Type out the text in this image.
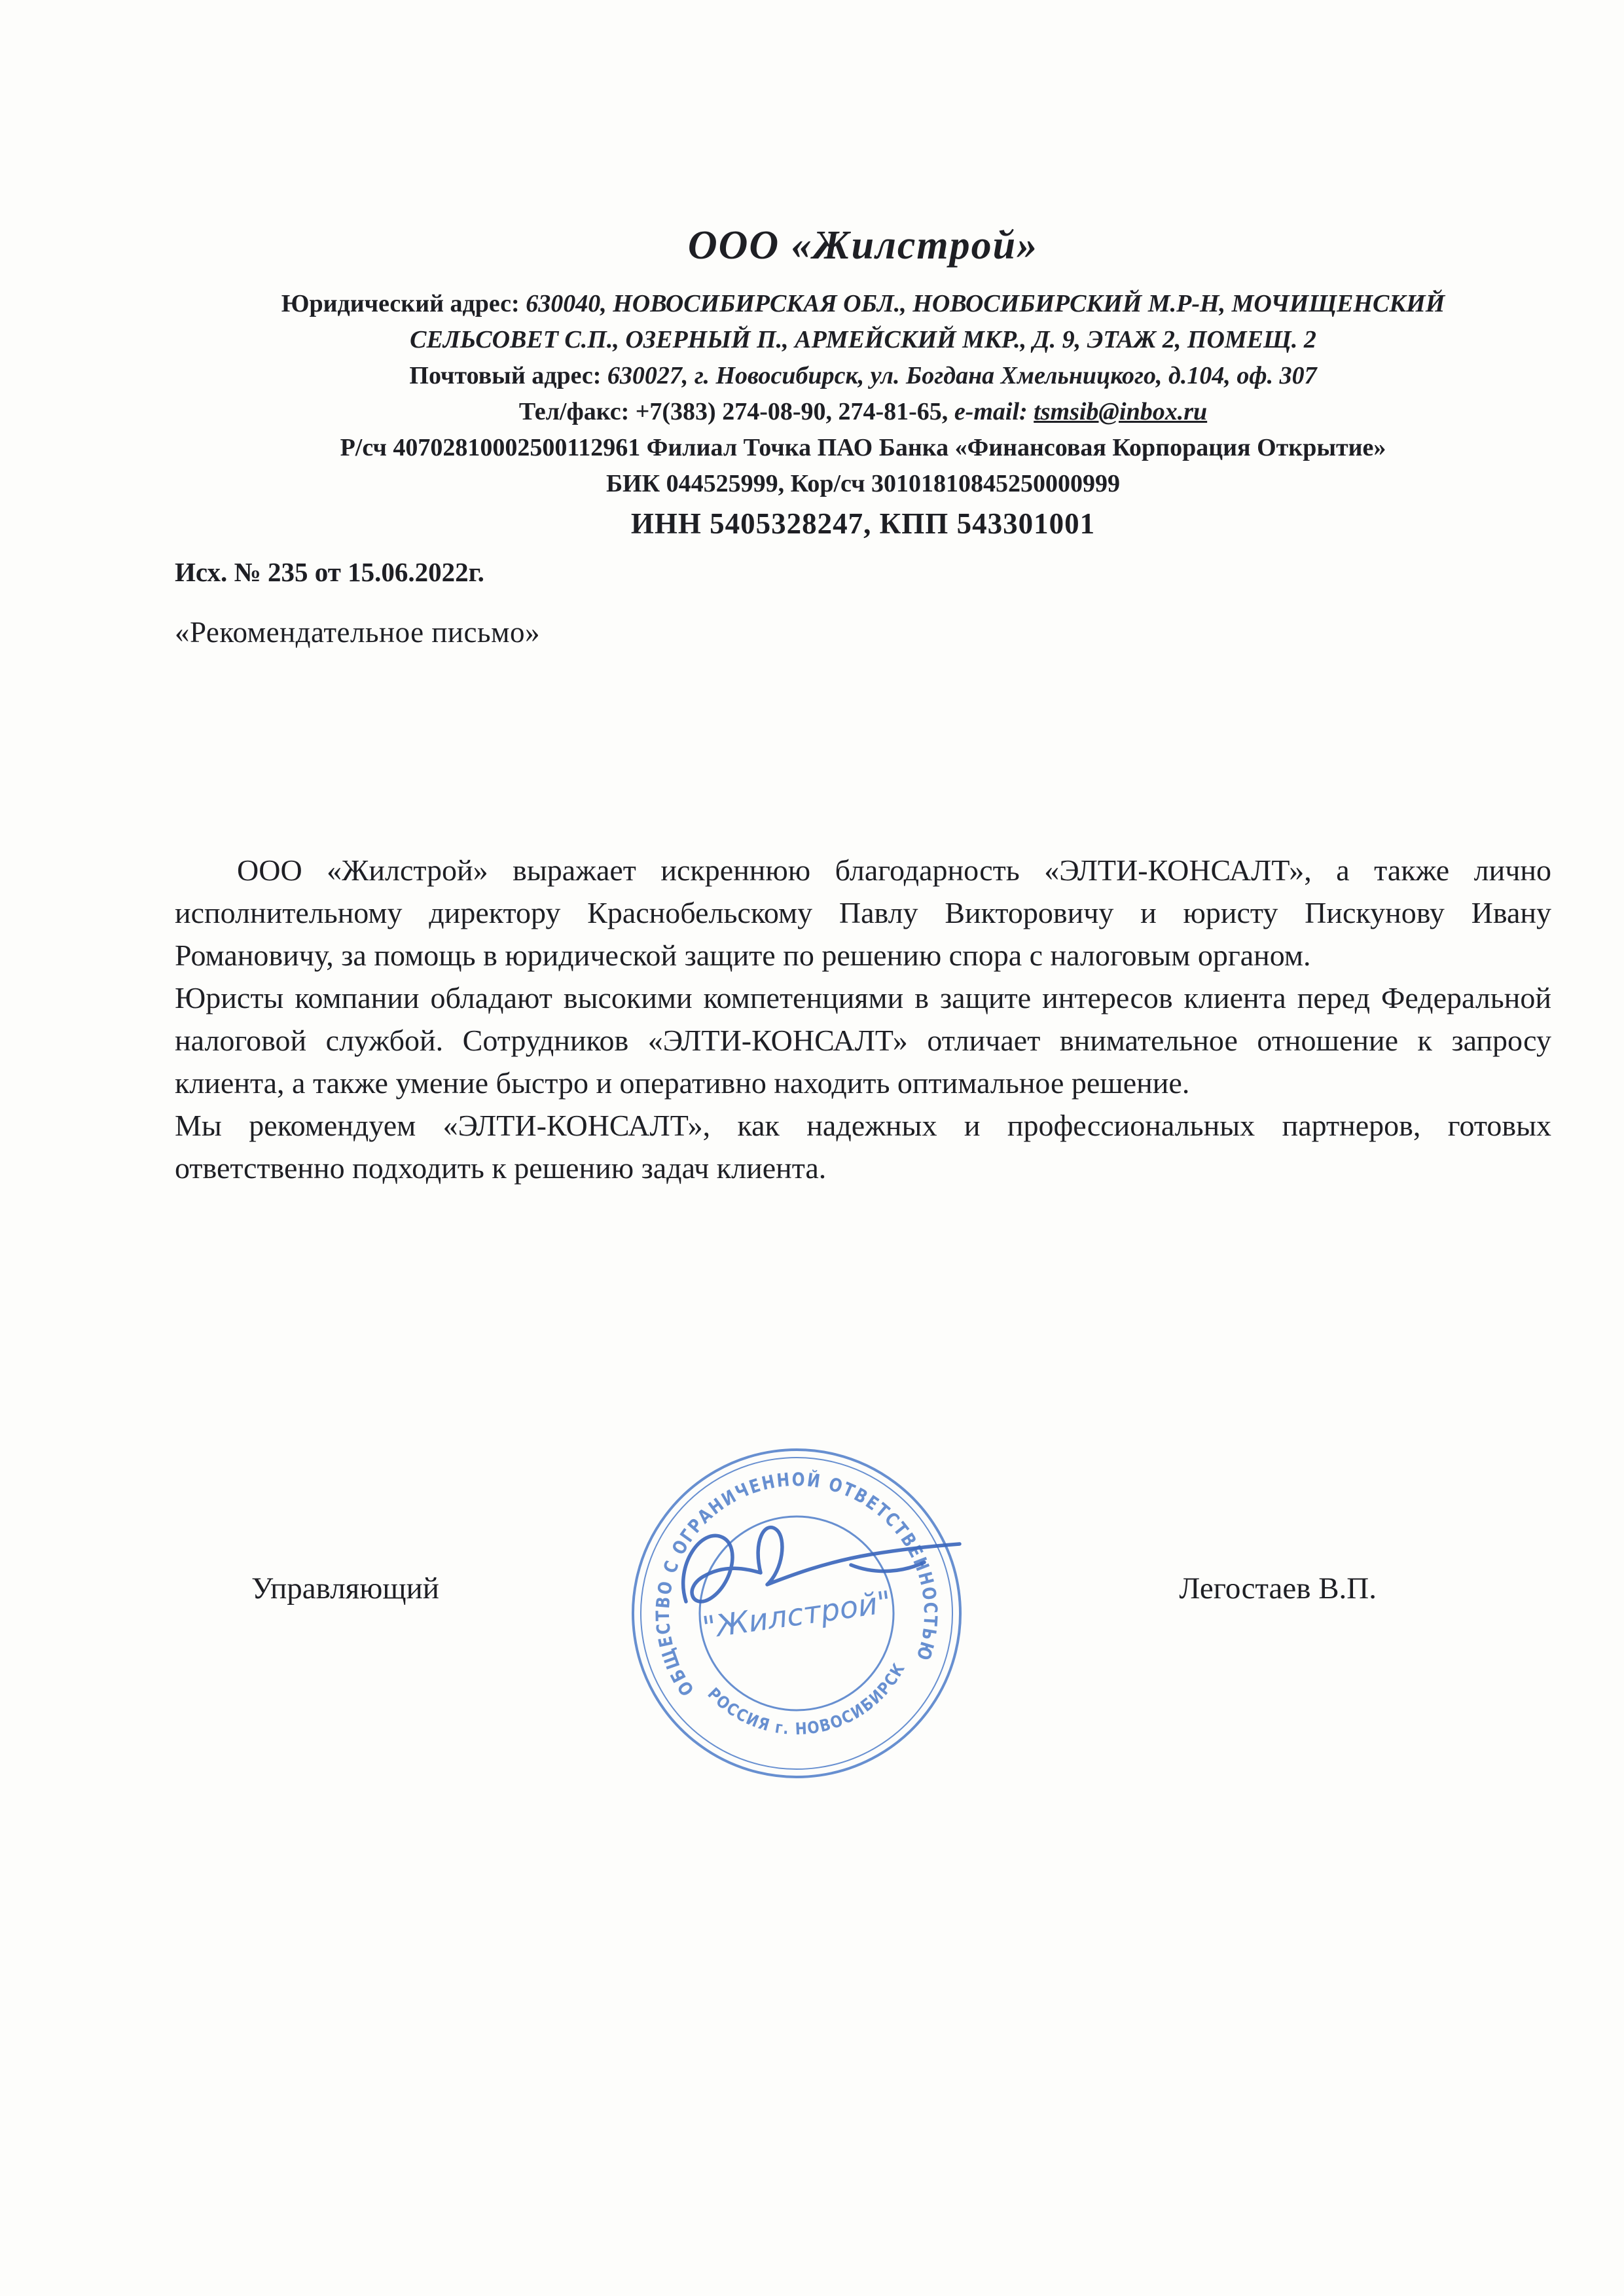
ООО «Жилстрой»
Юридический адрес: 630040, НОВОСИБИРСКАЯ ОБЛ., НОВОСИБИРСКИЙ М.Р-Н, МОЧИЩЕНСКИЙ СЕЛЬСОВЕТ С.П., ОЗЕРНЫЙ П., АРМЕЙСКИЙ МКР., Д. 9, ЭТАЖ 2, ПОМЕЩ. 2
Почтовый адрес: 630027, г. Новосибирск, ул. Богдана Хмельницкого, д.104, оф. 307
Тел/факс: +7(383) 274-08-90, 274-81-65, e-mail: tsmsib@inbox.ru
Р/сч 40702810002500112961 Филиал Точка ПАО Банка «Финансовая Корпорация Открытие»
БИК 044525999, Кор/сч 30101810845250000999
ИНН 5405328247, КПП 543301001
Исх. № 235 от 15.06.2022г.
«Рекомендательное письмо»

ООО «Жилстрой» выражает искреннюю благодарность «ЭЛТИ-КОНСАЛТ», а также лично исполнительному директору Краснобельскому Павлу Викторовичу и юристу Пискунову Ивану Романовичу, за помощь в юридической защите по решению спора с налоговым органом.

Юристы компании обладают высокими компетенциями в защите интересов клиента перед Федеральной налоговой службой. Сотрудников «ЭЛТИ-КОНСАЛТ» отличает внимательное отношение к запросу клиента, а также умение быстро и оперативно находить оптимальное решение.

Мы рекомендуем «ЭЛТИ-КОНСАЛТ», как надежных и профессиональных партнеров, готовых ответственно подходить к решению задач клиента.

Управляющий	Легостаев В.П.
ОБЩЕСТВО С ОГРАНИЧЕННОЙ ОТВЕТСТВЕННОСТЬЮ
РОССИЯ г. НОВОСИБИРСК
"Жилстрой"
